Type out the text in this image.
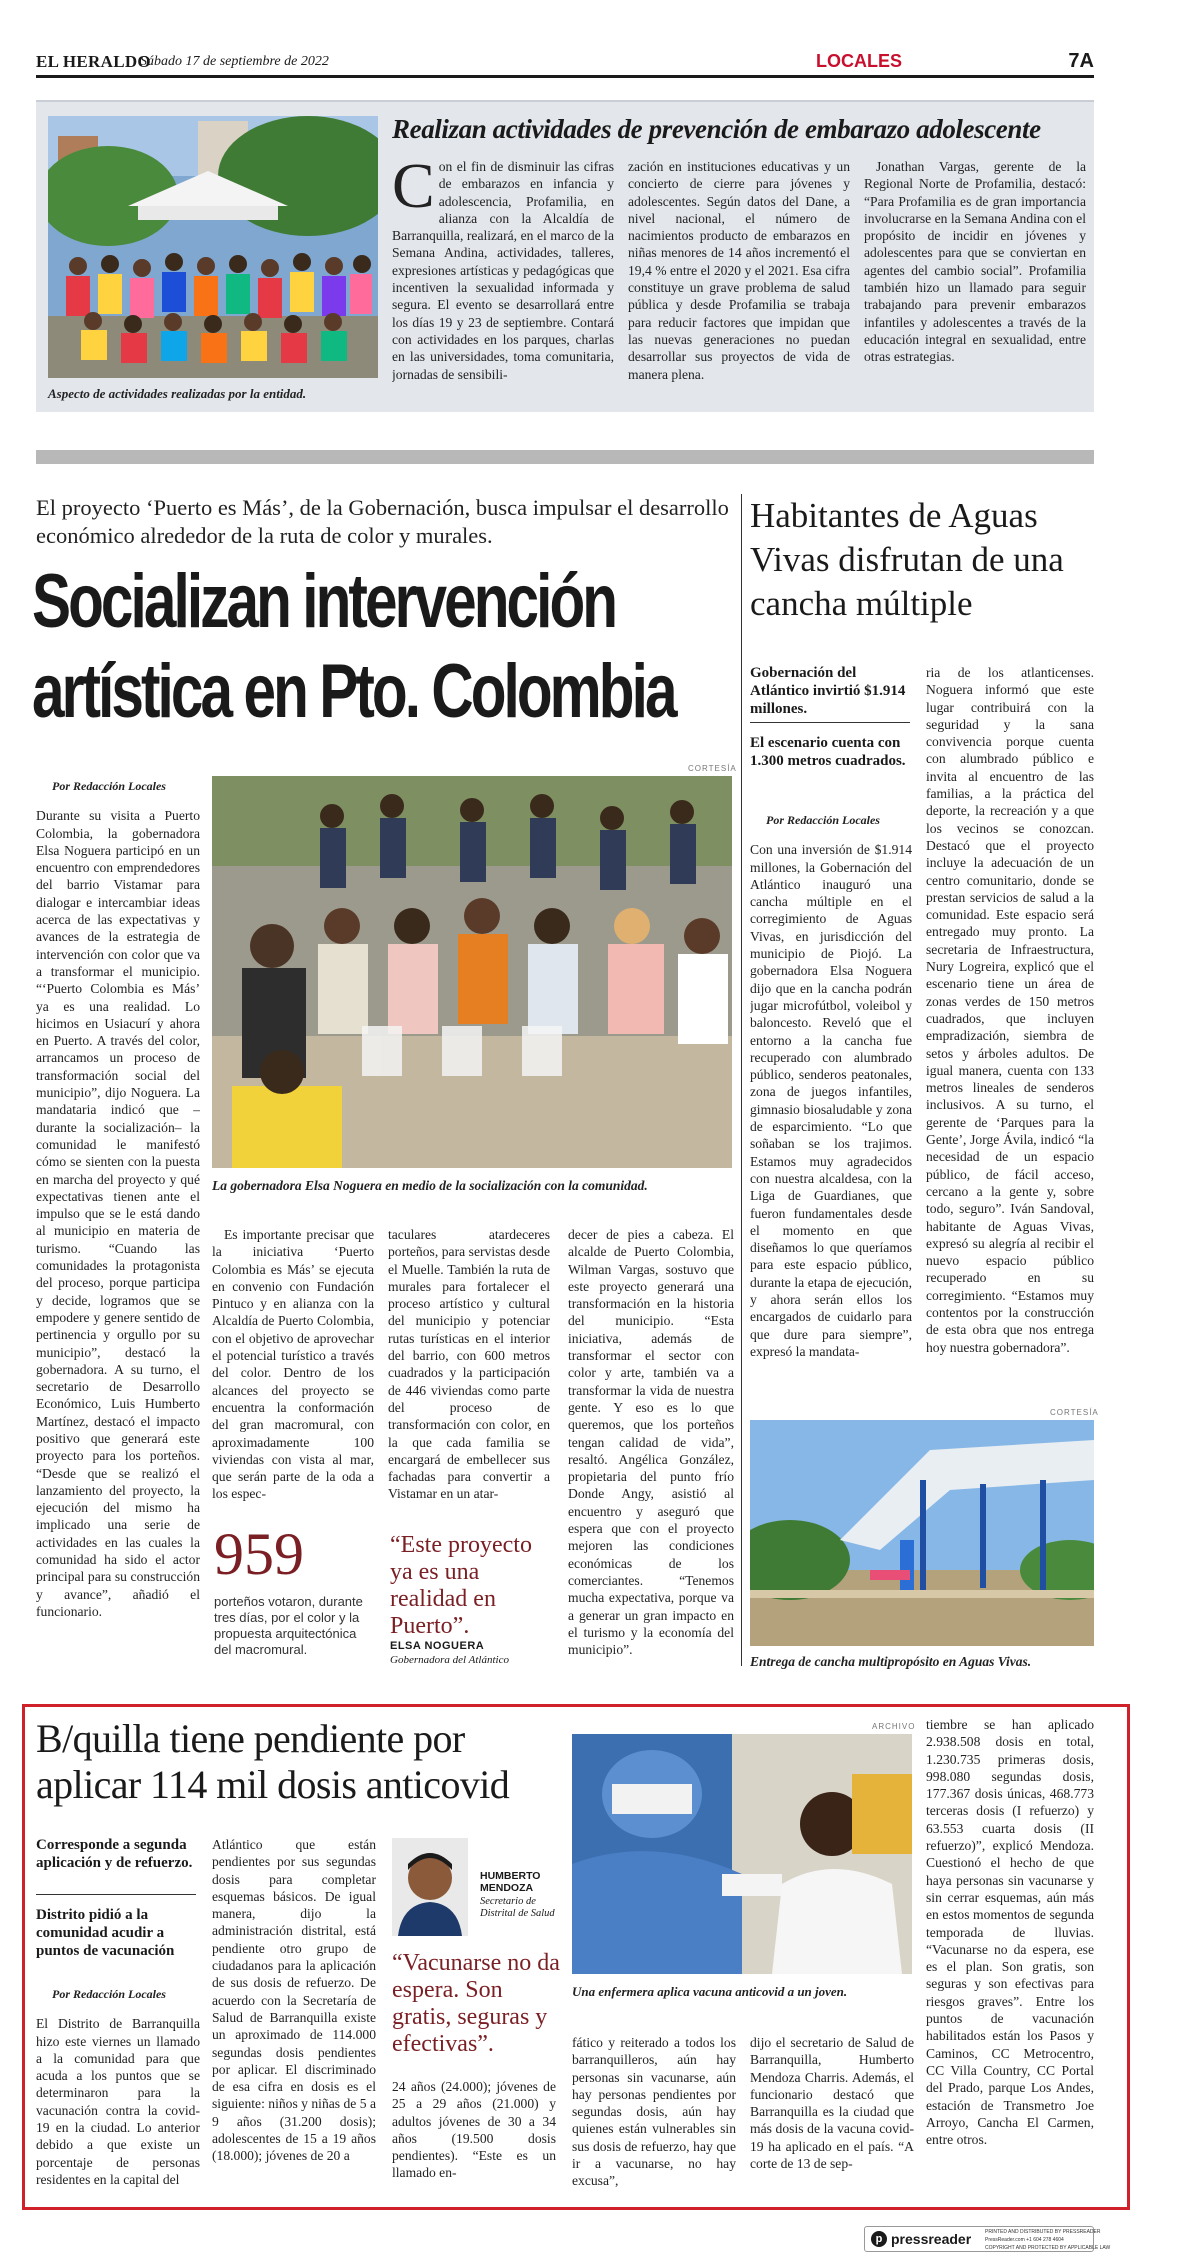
EL HERALDO
Sábado 17 de septiembre de 2022	LOCALES	7A
Aspecto de actividades realizadas por la entidad.
Realizan actividades de prevención de embarazo adolescente
Con el fin de disminuir las cifras de embarazos en infancia y adolescencia, Profamilia, en alianza con la Alcaldía de Barranquilla, realizará, en el marco de la Semana Andina, actividades, talleres, expresiones artísticas y pedagógicas que incentiven la sexualidad informada y segura. El evento se desarrollará entre los días 19 y 23 de septiembre. Contará con actividades en los parques, charlas en las universidades, toma comunitaria, jornadas de sensibili-

zación en instituciones educativas y un concierto de cierre para jóvenes y adolescentes. Según datos del Dane, a nivel nacional, el número de nacimientos producto de embarazos en niñas menores de 14 años incrementó el 19,4 % entre el 2020 y el 2021. Esa cifra constituye un grave problema de salud pública y desde Profamilia se trabaja para reducir factores que impidan que las nuevas generaciones no puedan desarrollar sus proyectos de vida de manera plena.

Jonathan Vargas, gerente de la Regional Norte de Profamilia, destacó: “Para Profamilia es de gran importancia involucrarse en la Semana Andina con el propósito de incidir en jóvenes y adolescentes para que se conviertan en agentes del cambio social”. Profamilia también hizo un llamado para seguir trabajando para prevenir embarazos infantiles y adolescentes a través de la educación integral en sexualidad, entre otras estrategias.

El proyecto ‘Puerto es Más’, de la Gobernación, busca impulsar el desarrollo económico alrededor de la ruta de color y murales.
Socializan intervención
artística en Pto. Colombia
CORTESÍA
La gobernadora Elsa Noguera en medio de la socialización con la comunidad.
Por Redacción Locales

Durante su visita a Puerto Colombia, la gobernadora Elsa Noguera participó en un encuentro con emprendedores del barrio Vistamar para dialogar e intercambiar ideas acerca de las expectativas y avances de la estrategia de intervención con color que va a transformar el municipio. “‘Puerto Colombia es Más’ ya es una realidad. Lo hicimos en Usiacurí y ahora en Puerto. A través del color, arrancamos un proceso de transformación social del municipio”, dijo Noguera. La mandataria indicó que –durante la socialización– la comunidad le manifestó cómo se sienten con la puesta en marcha del proyecto y qué expectativas tienen ante el impulso que se le está dando al municipio en materia de turismo. “Cuando las comunidades la protagonista del proceso, porque participa y decide, logramos que se empodere y genere sentido de pertinencia y orgullo por su municipio”, destacó la gobernadora. A su turno, el secretario de Desarrollo Económico, Luis Humberto Martínez, destacó el impacto positivo que generará este proyecto para los porteños. “Desde que se realizó el lanzamiento del proyecto, la ejecución del mismo ha implicado una serie de actividades en las cuales la comunidad ha sido el actor principal para su construcción y avance”, añadió el funcionario.

Es importante precisar que la iniciativa ‘Puerto Colombia es Más’ se ejecuta en convenio con Fundación Pintuco y en alianza con la Alcaldía de Puerto Colombia, con el objetivo de aprovechar el potencial turístico a través del color. Dentro de los alcances del proyecto se encuentra la conformación del gran macromural, con aproximadamente 100 viviendas con vista al mar, que serán parte de la oda a los espec-

taculares atardeceres porteños, para servistas desde el Muelle. También la ruta de murales para fortalecer el proceso artístico y cultural del municipio y potenciar rutas turísticas en el interior del barrio, con 600 metros cuadrados y la participación de 446 viviendas como parte del proceso de transformación con color, en la que cada familia se encargará de embellecer sus fachadas para convertir a Vistamar en un atar-

decer de pies a cabeza. El alcalde de Puerto Colombia, Wilman Vargas, sostuvo que este proyecto generará una transformación en la historia del municipio. “Esta iniciativa, además de transformar el sector con color y arte, también va a transformar la vida de nuestra gente. Y eso es lo que queremos, que los porteños tengan calidad de vida”, resaltó. Angélica González, propietaria del punto frío Donde Angy, asistió al encuentro y aseguró que espera que con el proyecto mejoren las condiciones económicas de los comerciantes. “Tenemos mucha expectativa, porque va a generar un gran impacto en el turismo y la economía del municipio”.

959
porteños votaron, durante tres días, por el color y la propuesta arquitectónica del macromural.
“Este proyecto ya es una realidad en Puerto”.
ELSA NOGUERA
Gobernadora del Atlántico
Habitantes de Aguas Vivas disfrutan de una cancha múltiple
Gobernación del Atlántico invirtió $1.914 millones.
El escenario cuenta con 1.300 metros cuadrados.
Por Redacción Locales

Con una inversión de $1.914 millones, la Gobernación del Atlántico inauguró una cancha múltiple en el corregimiento de Aguas Vivas, en jurisdicción del municipio de Piojó. La gobernadora Elsa Noguera dijo que en la cancha podrán jugar microfútbol, voleibol y baloncesto. Reveló que el entorno a la cancha fue recuperado con alumbrado público, senderos peatonales, zona de juegos infantiles, gimnasio biosaludable y zona de esparcimiento. “Lo que soñaban se los trajimos. Estamos muy agradecidos con nuestra alcaldesa, con la Liga de Guardianes, que fueron fundamentales desde el momento en que diseñamos lo que queríamos para este espacio público, durante la etapa de ejecución, y ahora serán ellos los encargados de cuidarlo para que dure para siempre”, expresó la mandata-

ria de los atlanticenses. Noguera informó que este lugar contribuirá con la seguridad y la sana convivencia porque cuenta con alumbrado público e invita al encuentro de las familias, a la práctica del deporte, la recreación y a que los vecinos se conozcan. Destacó que el proyecto incluye la adecuación de un centro comunitario, donde se prestan servicios de salud a la comunidad. Este espacio será entregado muy pronto. La secretaria de Infraestructura, Nury Logreira, explicó que el escenario tiene un área de zonas verdes de 150 metros cuadrados, que incluyen empradización, siembra de setos y árboles adultos. De igual manera, cuenta con 133 metros lineales de senderos inclusivos. A su turno, el gerente de ‘Parques para la Gente’, Jorge Ávila, indicó “la necesidad de un espacio público, de fácil acceso, cercano a la gente y, sobre todo, seguro”. Iván Sandoval, habitante de Aguas Vivas, expresó su alegría al recibir el nuevo espacio público recuperado en su corregimiento. “Estamos muy contentos por la construcción de esta obra que nos entrega hoy nuestra gobernadora”.

CORTESÍA
Entrega de cancha multipropósito en Aguas Vivas.
B/quilla tiene pendiente por
aplicar 114 mil dosis anticovid
Corresponde a segunda aplicación y de refuerzo.
Distrito pidió a la comunidad acudir a puntos de vacunación
Por Redacción Locales

El Distrito de Barranquilla hizo este viernes un llamado a la comunidad para que acuda a los puntos que se determinaron para la vacunación contra la covid-19 en la ciudad. Lo anterior debido a que existe un porcentaje de personas residentes en la capital del

Atlántico que están pendientes por sus segundas dosis para completar esquemas básicos. De igual manera, dijo la administración distrital, está pendiente otro grupo de ciudadanos para la aplicación de sus dosis de refuerzo. De acuerdo con la Secretaría de Salud de Barranquilla existe un aproximado de 114.000 segundas dosis pendientes por aplicar. El discriminado de esa cifra en dosis es el siguiente: niños y niñas de 5 a 9 años (31.200 dosis); adolescentes de 15 a 19 años (18.000); jóvenes de 20 a

HUMBERTO MENDOZA
Secretario de Distrital de Salud
“Vacunarse no da espera. Son gratis, seguras y efectivas”.

24 años (24.000); jóvenes de 25 a 29 años (21.000) y adultos jóvenes de 30 a 34 años (19.500 dosis pendientes). “Este es un llamado en-

ARCHIVO
Una enfermera aplica vacuna anticovid a un joven.

fático y reiterado a todos los barranquilleros, aún hay personas sin vacunarse, aún hay personas pendientes por segundas dosis, aún hay quienes están vulnerables sin sus dosis de refuerzo, hay que ir a vacunarse, no hay excusa”,

dijo el secretario de Salud de Barranquilla, Humberto Mendoza Charris. Además, el funcionario destacó que Barranquilla es la ciudad que más dosis de la vacuna covid-19 ha aplicado en el país. “A corte de 13 de sep-

tiembre se han aplicado 2.938.508 dosis en total, 1.230.735 primeras dosis, 998.080 segundas dosis, 177.367 dosis únicas, 468.773 terceras dosis (I refuerzo) y 63.553 cuarta dosis (II refuerzo)”, explicó Mendoza. Cuestionó el hecho de que haya personas sin vacunarse y sin cerrar esquemas, aún más en estos momentos de segunda temporada de lluvias. “Vacunarse no da espera, ese es el plan. Son gratis, son seguras y son efectivas para riesgos graves”. Entre los puntos de vacunación habilitados están los Pasos y Caminos, CC Metrocentro, CC Villa Country, CC Portal del Prado, parque Los Andes, estación de Transmetro Joe Arroyo, Cancha El Carmen, entre otros.

p pressreader	PRINTED AND DISTRIBUTED BY PRESSREADER
PressReader.com +1 604 278 4604
COPYRIGHT AND PROTECTED BY APPLICABLE LAW
